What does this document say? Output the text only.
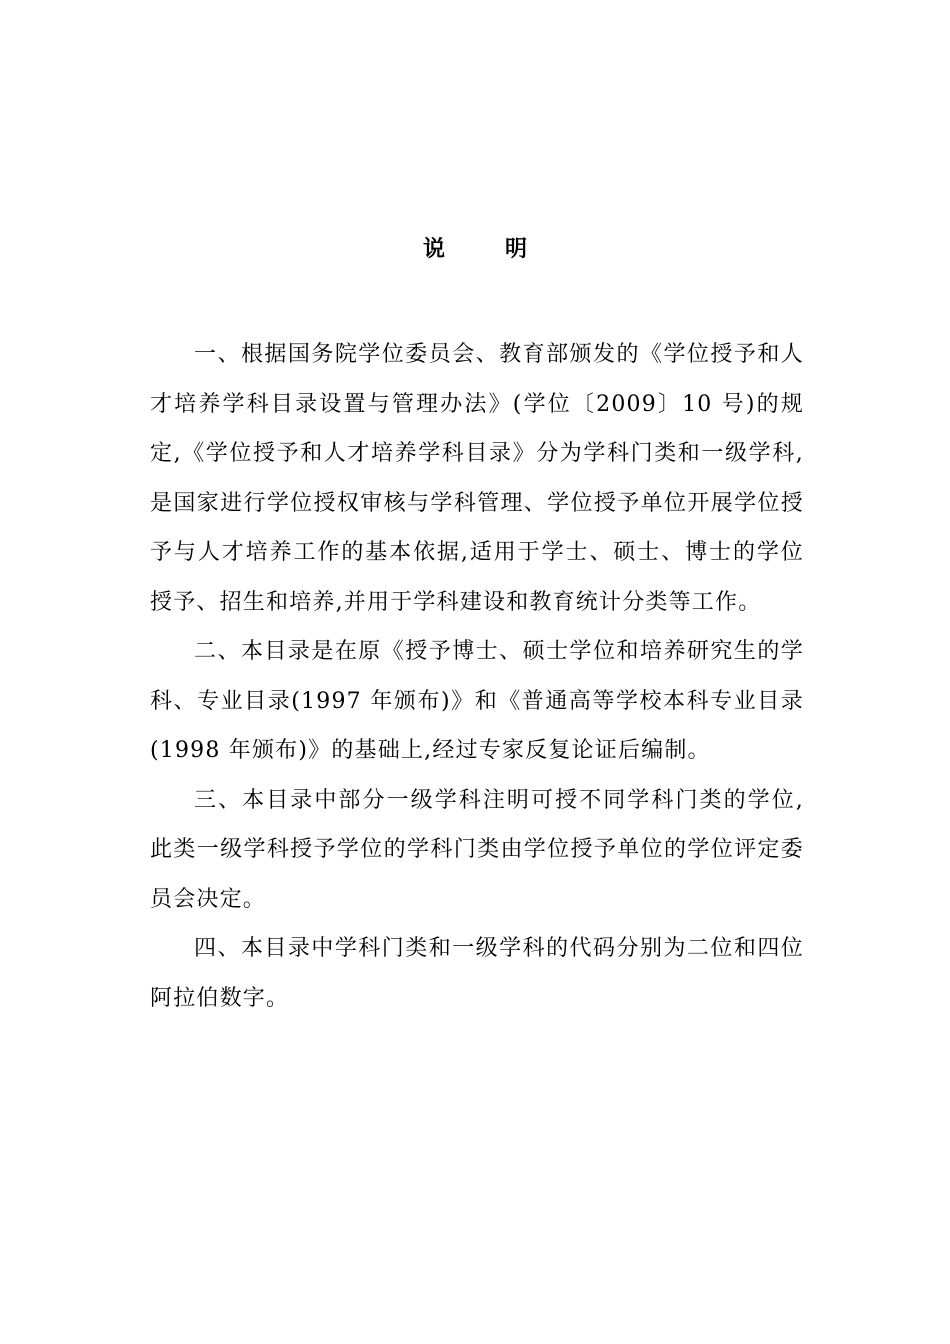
说明

一、根据国务院学位委员会、教育部颁发的《学位授予和人才培养学科目录设置与管理办法》(学位〔2009〕10 号)的规定,《学位授予和人才培养学科目录》分为学科门类和一级学科,是国家进行学位授权审核与学科管理、学位授予单位开展学位授予与人才培养工作的基本依据,适用于学士、硕士、博士的学位授予、招生和培养,并用于学科建设和教育统计分类等工作。

二、本目录是在原《授予博士、硕士学位和培养研究生的学科、专业目录(1997 年颁布)》和《普通高等学校本科专业目录(1998 年颁布)》的基础上,经过专家反复论证后编制。

三、本目录中部分一级学科注明可授不同学科门类的学位,此类一级学科授予学位的学科门类由学位授予单位的学位评定委员会决定。

四、本目录中学科门类和一级学科的代码分别为二位和四位阿拉伯数字。
